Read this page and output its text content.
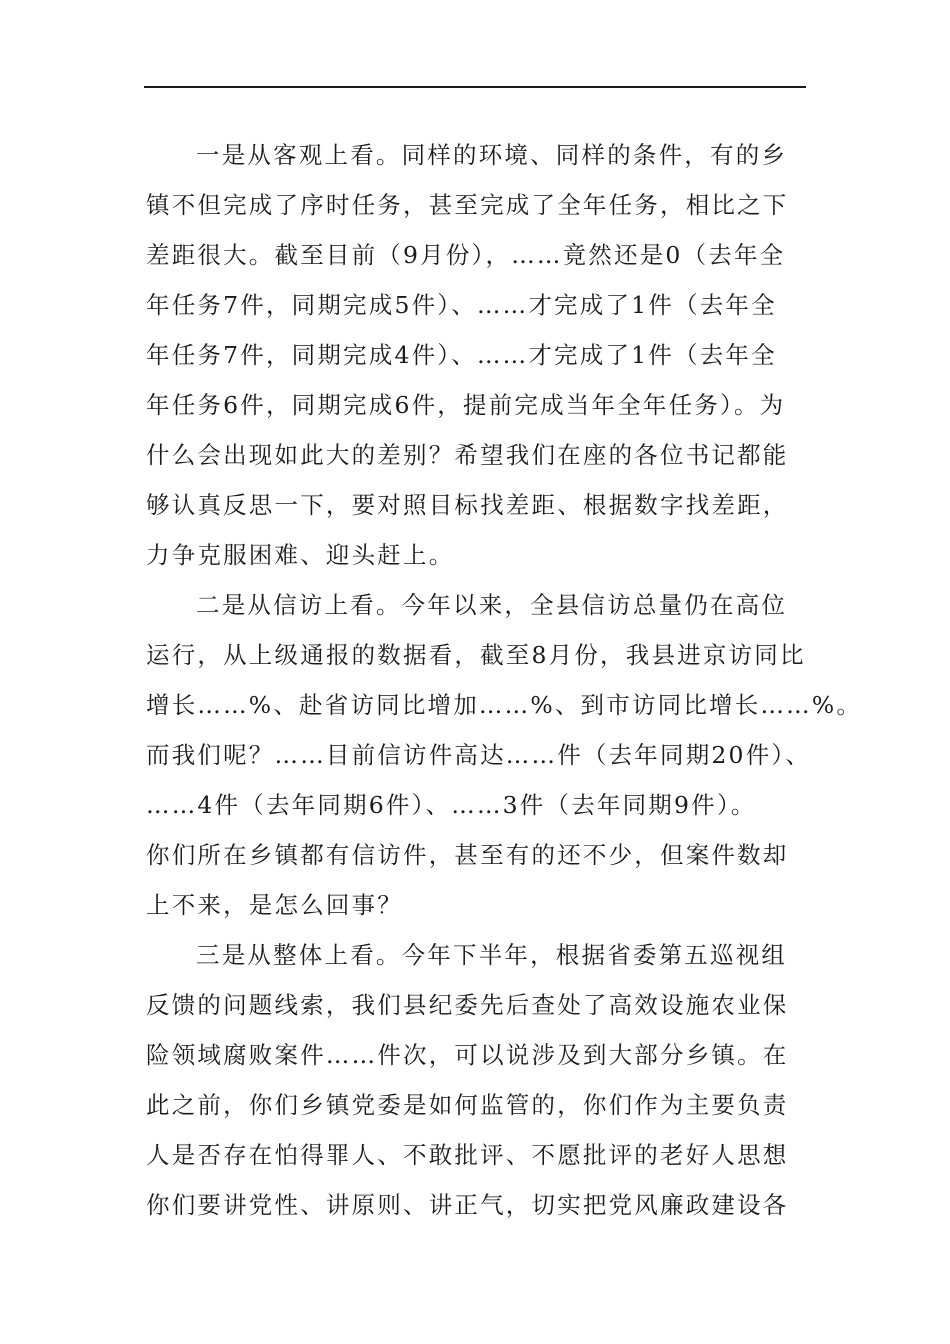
一是从客观上看。同样的环境、同样的条件，有的乡
镇不但完成了序时任务，甚至完成了全年任务，相比之下
差距很大。截至目前（9月份），……竟然还是0（去年全
年任务7件，同期完成5件）、……才完成了1件（去年全
年任务7件，同期完成4件）、……才完成了1件（去年全
年任务6件，同期完成6件，提前完成当年全年任务）。为
什么会出现如此大的差别？希望我们在座的各位书记都能
够认真反思一下，要对照目标找差距、根据数字找差距，
力争克服困难、迎头赶上。
二是从信访上看。今年以来，全县信访总量仍在高位
运行，从上级通报的数据看，截至8月份，我县进京访同比
增长……%、赴省访同比增加……%、到市访同比增长……%。
而我们呢？……目前信访件高达……件（去年同期20件）、
……4件（去年同期6件）、……3件（去年同期9件）。
你们所在乡镇都有信访件，甚至有的还不少，但案件数却
上不来，是怎么回事？
三是从整体上看。今年下半年，根据省委第五巡视组
反馈的问题线索，我们县纪委先后查处了高效设施农业保
险领域腐败案件……件次，可以说涉及到大部分乡镇。在
此之前，你们乡镇党委是如何监管的，你们作为主要负责
人是否存在怕得罪人、不敢批评、不愿批评的老好人思想
你们要讲党性、讲原则、讲正气，切实把党风廉政建设各
